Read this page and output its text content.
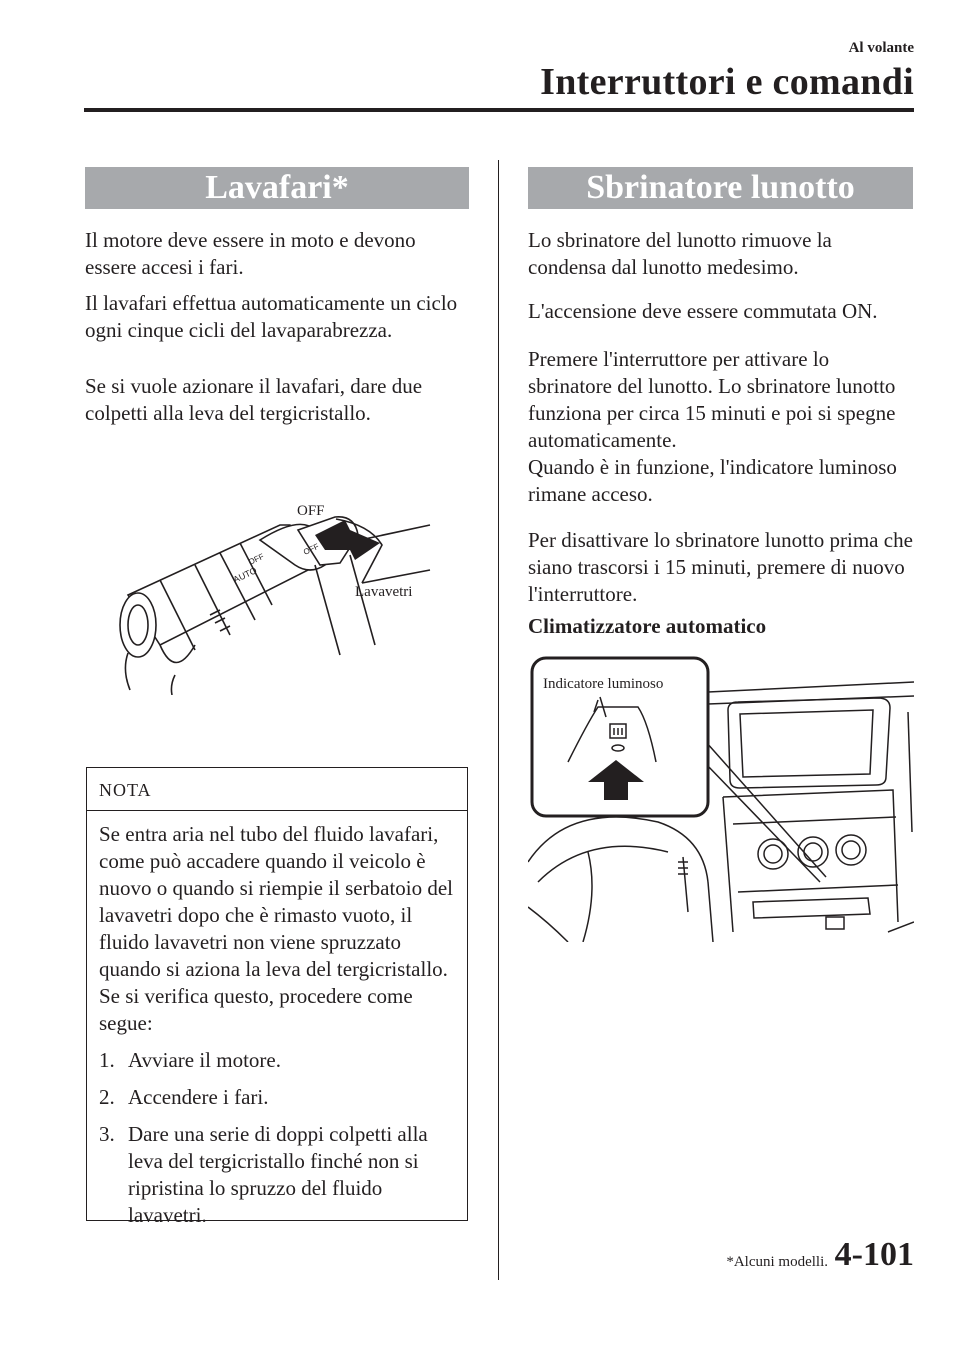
Al volante
Interruttori e comandi
Lavafari*

Il motore deve essere in moto e devono essere accesi i fari.

Il lavafari effettua automaticamente un ciclo ogni cinque cicli del lavaparabrezza.

Se si vuole azionare il lavafari, dare due colpetti alla leva del tergicristallo.

AUTO
OFF
OFF
OFF
Lavavetri
NOTA

Se entra aria nel tubo del fluido lavafari, come può accadere quando il veicolo è nuovo o quando si riempie il serbatoio del lavavetri dopo che è rimasto vuoto, il fluido lavavetri non viene spruzzato quando si aziona la leva del tergicristallo. Se si verifica questo, procedere come segue:

1. Avviare il motore.
2. Accendere i fari.
3. Dare una serie di doppi colpetti alla leva del tergicristallo finché non si ripristina lo spruzzo del fluido lavavetri.
Sbrinatore lunotto

Lo sbrinatore del lunotto rimuove la condensa dal lunotto medesimo.

L'accensione deve essere commutata ON.

Premere l'interruttore per attivare lo sbrinatore del lunotto. Lo sbrinatore lunotto funziona per circa 15 minuti e poi si spegne automaticamente.

Quando è in funzione, l'indicatore luminoso rimane acceso.

Per disattivare lo sbrinatore lunotto prima che siano trascorsi i 15 minuti, premere di nuovo l'interruttore.

Climatizzatore automatico
Indicatore luminoso
*Alcuni modelli. 4-101
